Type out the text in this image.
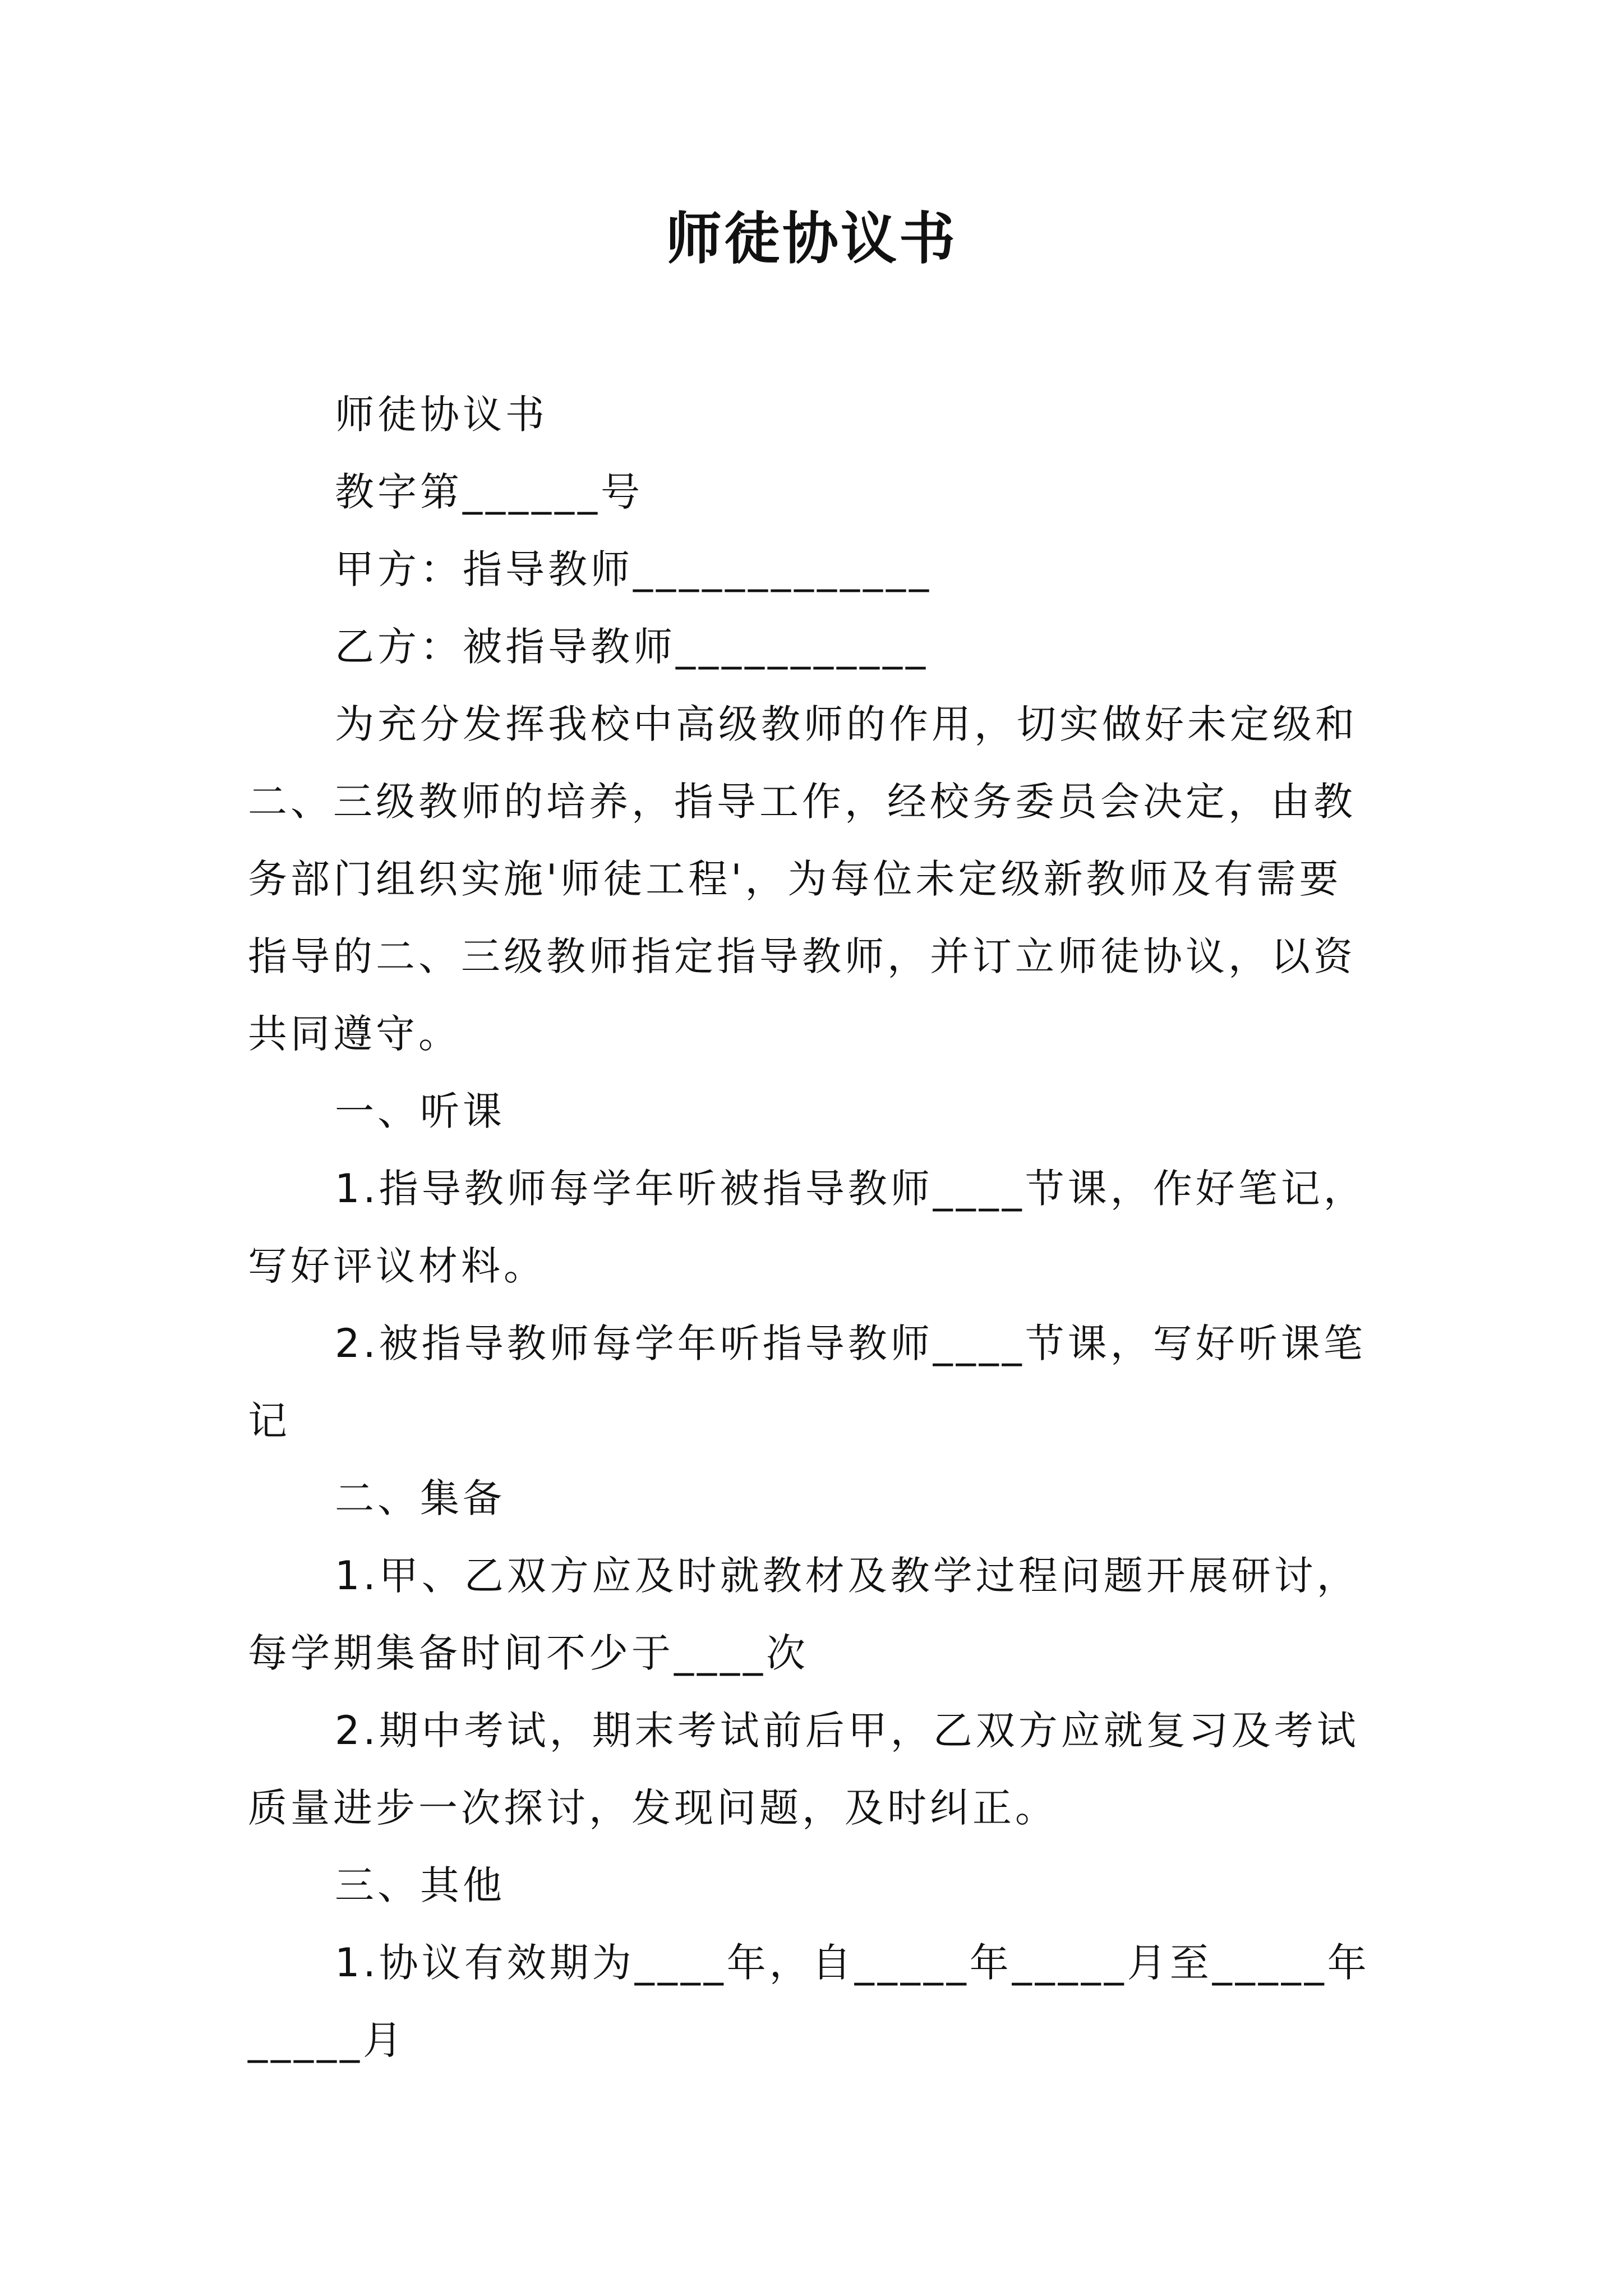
师徒协议书

师徒协议书

教字第______号

甲方：指导教师_____________

乙方：被指导教师___________

为充分发挥我校中高级教师的作用，切实做好未定级和二、三级教师的培养，指导工作，经校务委员会决定，由教务部门组织实施'师徒工程'，为每位未定级新教师及有需要指导的二、三级教师指定指导教师，并订立师徒协议，以资共同遵守。

一、听课

1.指导教师每学年听被指导教师____节课，作好笔记，写好评议材料。

2.被指导教师每学年听指导教师____节课，写好听课笔记

二、集备

1.甲、乙双方应及时就教材及教学过程问题开展研讨，每学期集备时间不少于____次

2.期中考试，期末考试前后甲，乙双方应就复习及考试质量进步一次探讨，发现问题，及时纠正。

三、其他

1.协议有效期为____年，自_____年_____月至_____年_____月
